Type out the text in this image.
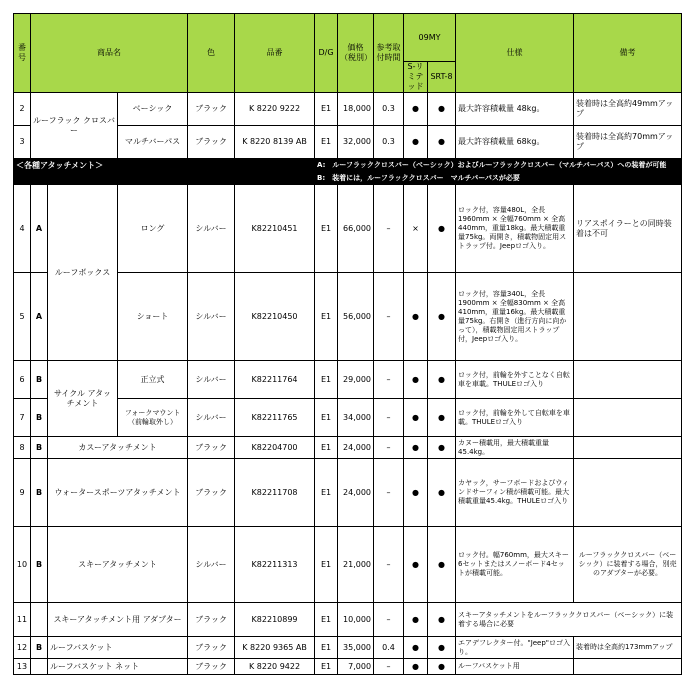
番号	商品名			色	品番	D/G	価格（税別）	参考取付時間	09MY		仕様	備考
									S-リミテッド	SRT-8		
2	ルーフラック クロスバー		ベーシック	ブラック	K 8220 9222	E1	18,000	0.3	●	●	最大許容積載量 48kg。	装着時は全高約49mmアップ
3			マルチバーパス	ブラック	K 8220 8139 AB	E1	32,000	0.3	●	●	最大許容積載量 68kg。	装着時は全高約70mmアップ
＜各種アタッチメント＞						A:　ルーフラッククロスバー（ベーシック）およびルーフラッククロスバー（マルチバーパス）への装着が可能						
						B:　装着には，ルーフラッククロスバー　マルチバーパスが必要						
4	A	ルーフボックス	ロング	シルバー	K82210451	E1	66,000	–	×	●	ロック付，容量480L，全長1960mm × 全幅760mm × 全高440mm，重量18kg。最大積載重量75kg。両開き，積載物固定用ストラップ付。Jeepロゴ入り。	リアスポイラーとの同時装着は不可
5	A		ショート	シルバー	K82210450	E1	56,000	–	●	●	ロック付，容量340L，全長1900mm × 全幅830mm × 全高410mm，重量16kg。最大積載重量75kg。右開き（進行方向に向かって），積載物固定用ストラップ付，Jeepロゴ入り。	
6	B	サイクル アタッチメント	正立式	シルバー	K82211764	E1	29,000	–	●	●	ロック付，前輪を外すことなく自転車を車載。THULEロゴ入り	
7	B		フォークマウント（前輪取外し）	シルバー	K82211765	E1	34,000	–	●	●	ロック付，前輪を外して自転車を車載。THULEロゴ入り	
8	B	カスーアタッチメント		ブラック	K82204700	E1	24,000	–	●	●	カヌー積載用，最大積載重量45.4kg。	
9	B	ウォータースポーツアタッチメント		ブラック	K82211708	E1	24,000	–	●	●	カヤック，サーフボードおよびウィンドサーフィン積が積載可能。最大積載重量45.4kg。THULEロゴ入り	
10	B	スキーアタッチメント		シルバー	K82211313	E1	21,000	–	●	●	ロック付。幅760mm，最大スキー6セットまたはスノーボード4セットが積載可能。	ルーフラッククロスバー（ベーシック）に装着する場合，別売のアダプターが必要。
11		スキーアタッチメント用 アダプター		ブラック	K82210899	E1	10,000	–	●	●	スキーアタッチメントをルーフラッククロスバー（ベーシック）に装着する場合に必要	
12	B	ルーフバスケット		ブラック	K 8220 9365 AB	E1	35,000	0.4	●	●	エアデフレクター付。"Jeep"ロゴ入り。	装着時は全高約173mmアップ
13		ルーフバスケット ネット		ブラック	K 8220 9422	E1	7,000	–	●	●	ルーフバスケット用	
